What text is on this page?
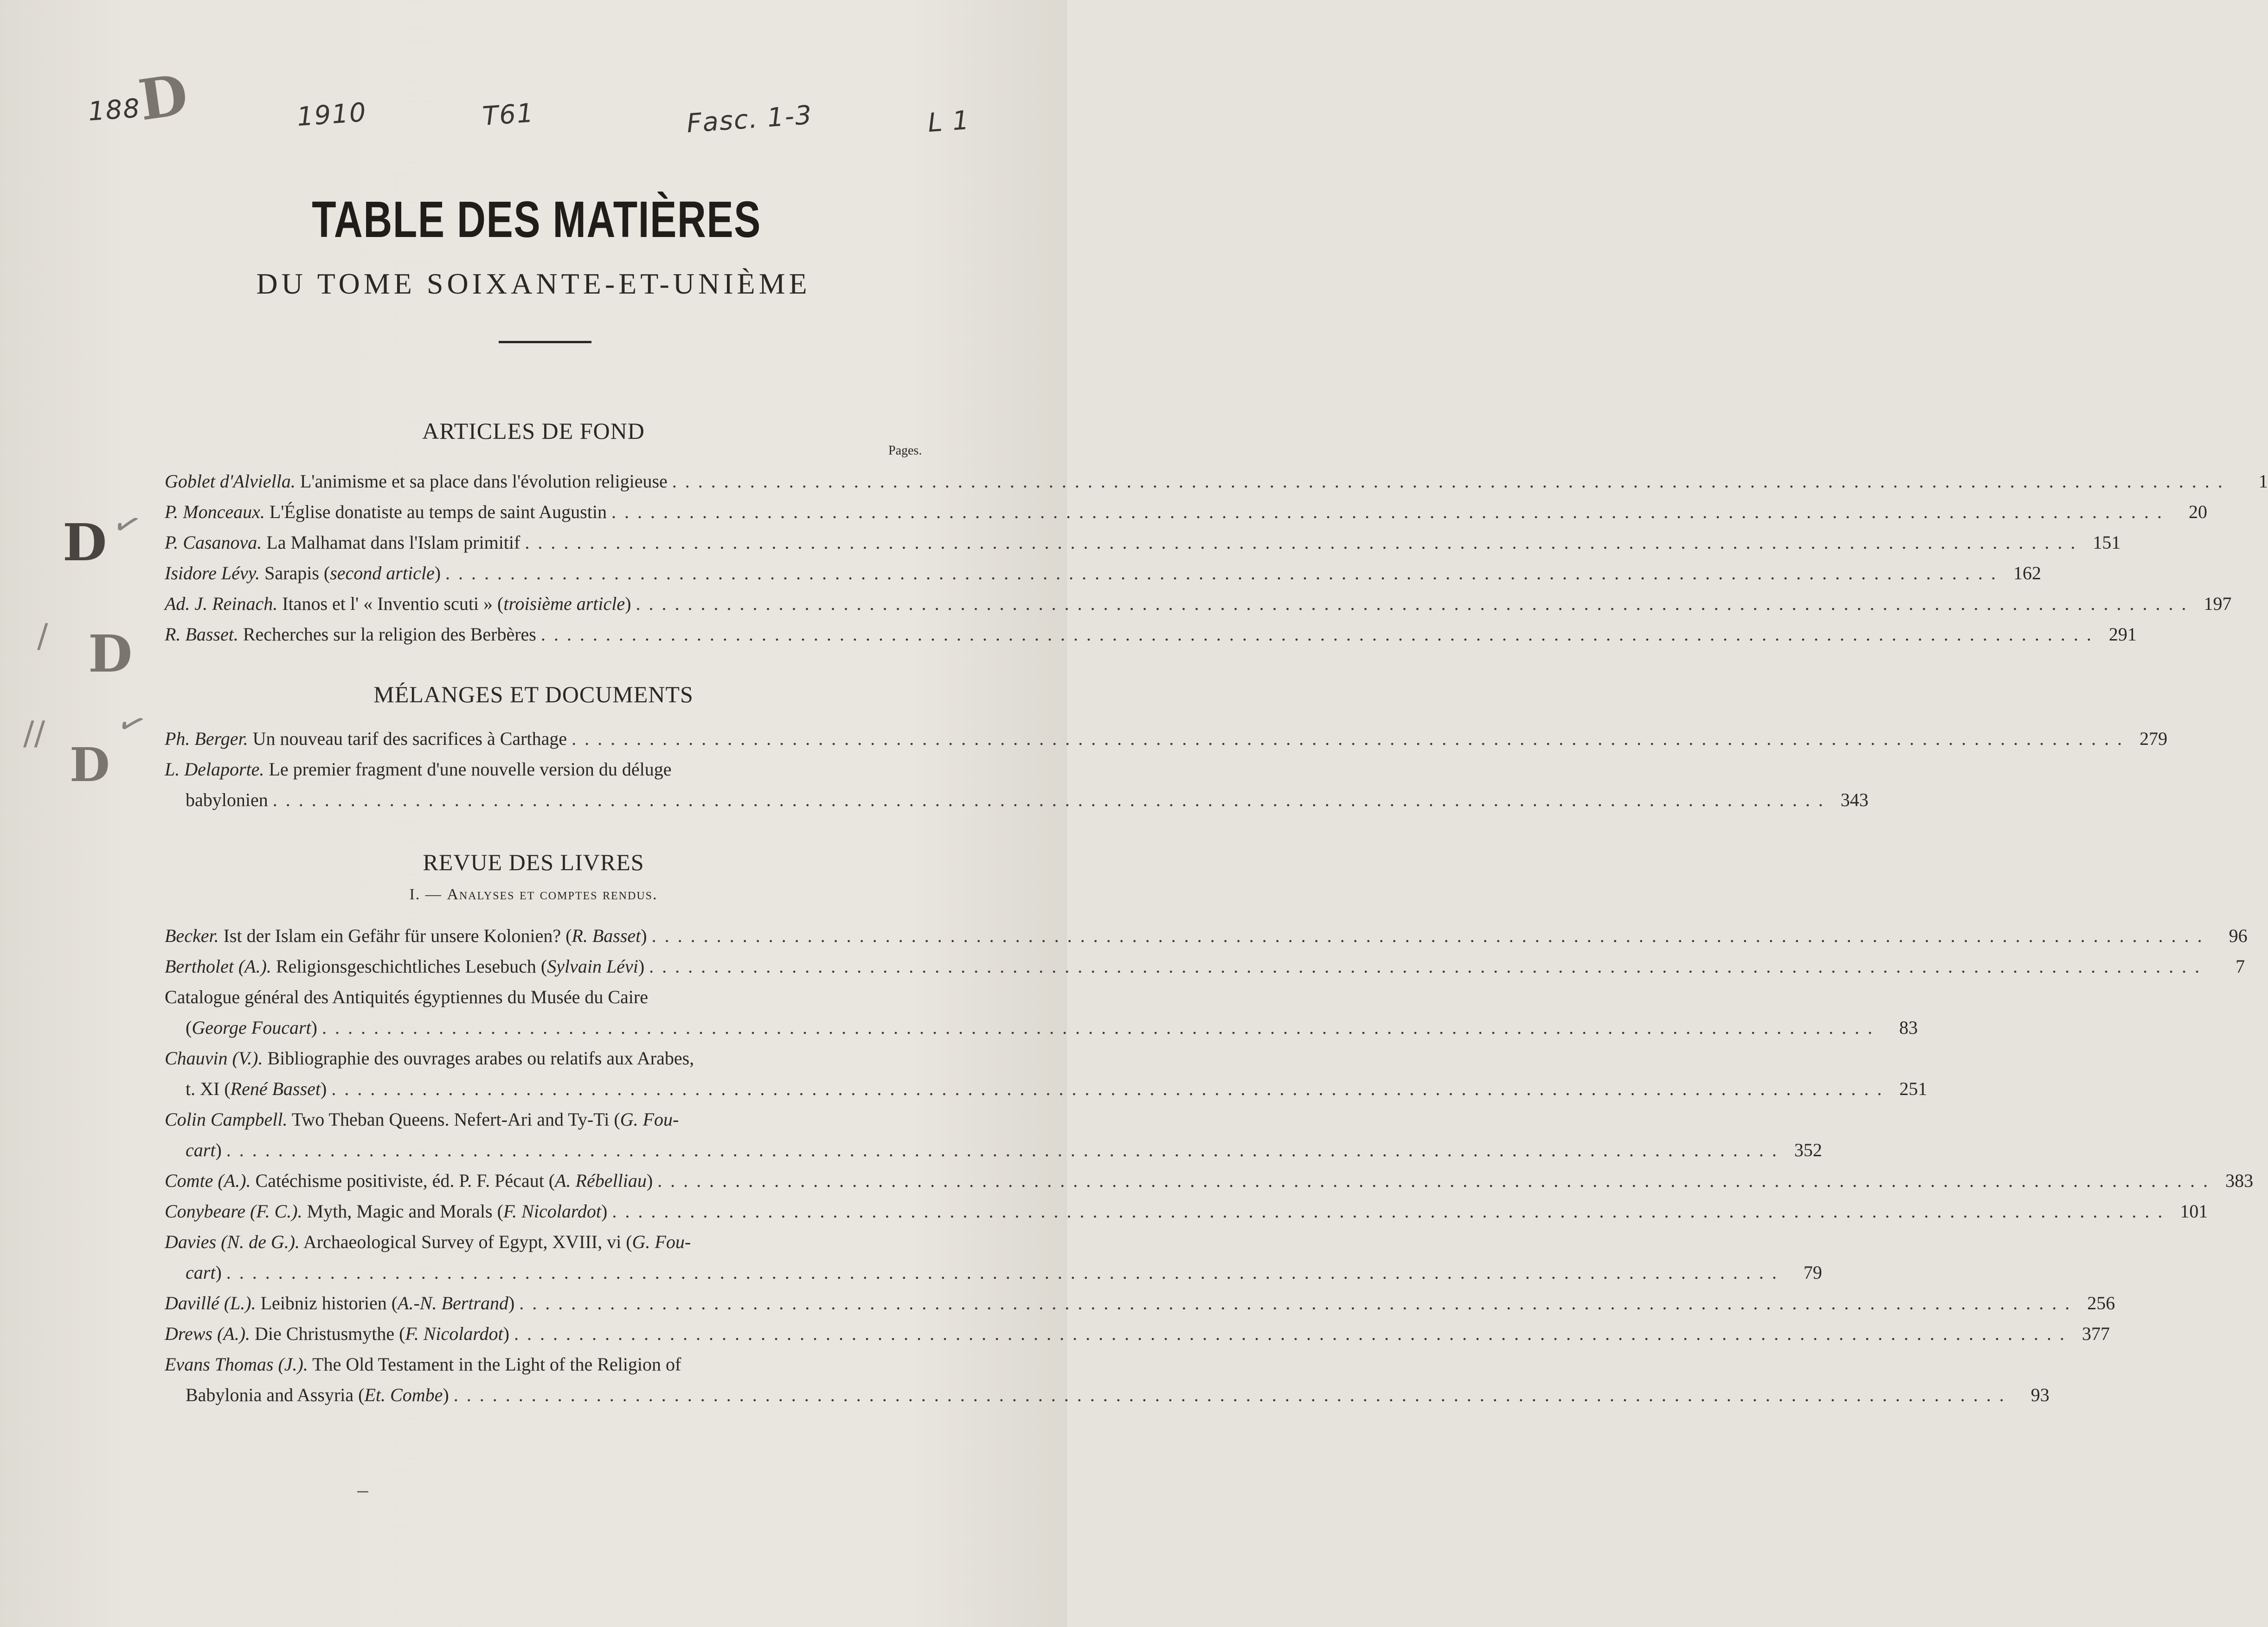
188
D	1910	T61	Fasc. 1-3	L 1
D ✓
D
/
D
// ✓
TABLE DES MATIÈRES
DU TOME SOIXANTE-ET-UNIÈME
ARTICLES DE FOND
Pages.
Goblet d'Alviella. L'animisme et sa place dans l'évolution religieuse ........................................................................................................................	1
P. Monceaux. L'Église donatiste au temps de saint Augustin ........................................................................................................................	20
P. Casanova. La Malhamat dans l'Islam primitif ........................................................................................................................ 151
Isidore Lévy. Sarapis (second article) ........................................................................................................................ 162
Ad. J. Reinach. Itanos et l' « Inventio scuti » (troisième article) ........................................................................................................................ 197
R. Basset. Recherches sur la religion des Berbères ........................................................................................................................ 291
MÉLANGES ET DOCUMENTS
Ph. Berger. Un nouveau tarif des sacrifices à Carthage ........................................................................................................................ 279
L. Delaporte. Le premier fragment d'une nouvelle version du déluge
babylonien ........................................................................................................................ 343
REVUE DES LIVRES
I. — Analyses et comptes rendus.
Becker. Ist der Islam ein Gefähr für unsere Kolonien? (R. Basset) ........................................................................................................................	96
Bertholet (A.). Religionsgeschichtliches Lesebuch (Sylvain Lévi) ........................................................................................................................	7
Catalogue général des Antiquités égyptiennes du Musée du Caire
(George Foucart) ........................................................................................................................	83
Chauvin (V.). Bibliographie des ouvrages arabes ou relatifs aux Arabes,
t. XI (René Basset) ........................................................................................................................ 251
Colin Campbell. Two Theban Queens. Nefert-Ari and Ty-Ti (G. Fou-
cart) ........................................................................................................................ 352
Comte (A.). Catéchisme positiviste, éd. P. F. Pécaut (A. Rébelliau) ........................................................................................................................ 383
Conybeare (F. C.). Myth, Magic and Morals (F. Nicolardot) ........................................................................................................................ 101
Davies (N. de G.). Archaeological Survey of Egypt, XVIII, vi (G. Fou-
cart) ........................................................................................................................	79
Davillé (L.). Leibniz historien (A.-N. Bertrand) ........................................................................................................................ 256
Drews (A.). Die Christusmythe (F. Nicolardot) ........................................................................................................................ 377
Evans Thomas (J.). The Old Testament in the Light of the Religion of
Babylonia and Assyria (Et. Combe) ........................................................................................................................	93
